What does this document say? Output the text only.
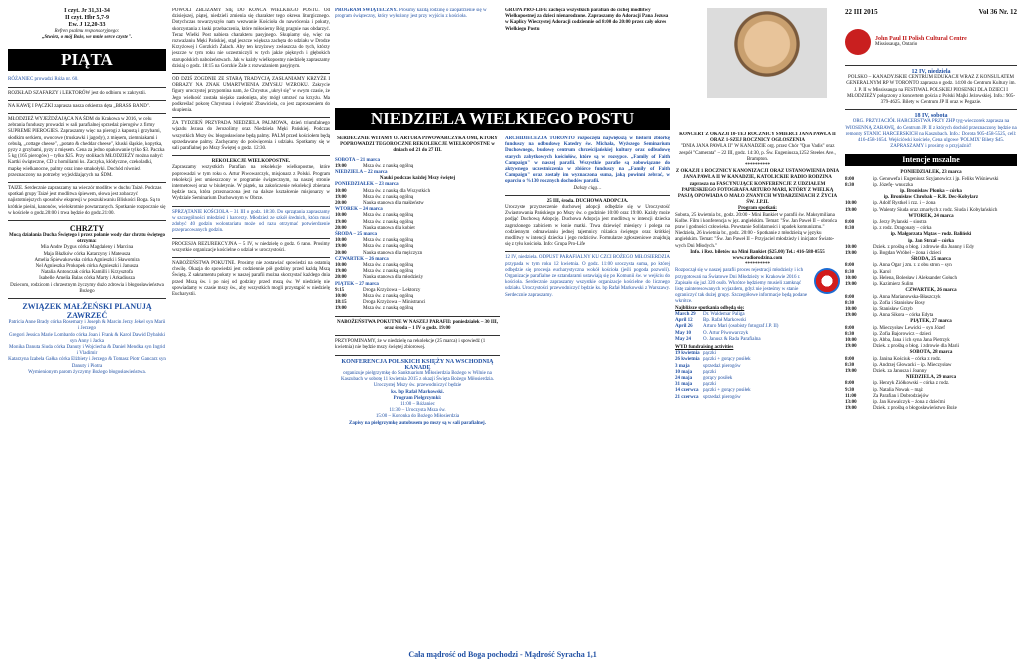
I czyt. Jr 31,31-34
II czyt. Hbr 5,7-9
Ew. J 12,20-33
Refren psalmu responsoryjnego:
„Stwórz, o mój Boże, we mnie serce czyste".
PIĄTA
RÓŻANIEC prowadzi Róża nr. 60.
ROZKŁAD SZAFARZY i LEKTORÓW jest do odbioru w zakrystii.
NA KAWĘ I PĄCZKI zaprasza nasza orkiestra dęta „BRASS BAND".
MŁODZIEŻ WYJEŻDŻAJĄCA NA ŚDM do Krakowa w 2016, w celu zebrania funduszy prowadzi w sali parafialnej sprzedaż pierogów z firmy SUPREME PIEROGIES. Zapraszamy więc na pierogi z kapustą i grzybami, słodkim serkiem, owocowe (truskawki i jagody), z mięsem, ziemniakami i cebulą, „cottage cheese", „potato & cheddar cheese", kluski śląskie, kopytka, pyzy z grzybami, pyzy z mięsem. Cena za jedno opakowanie tylko $3. Paczka 5 kg (165 pierogów) – tylko $25. Przy stolikach MŁODZIEŻY można nabyć: Kartki świąteczne, CD z homiliami ks. Zaczyka, kłódyczne, czekoladki, mapkę wielkanocne, palmy oraz inne smakołyki. Dochód również przeznaczony na potrzeby wyjeżdżających na ŚDM.
TAIZE. Serdecznie zapraszamy na wieczór modlitw w duchu Taizé. Podczas spotkań grupy Taizé jest modlitwa śpiewem, słowa jest zobaczyć najistotniejszych sposobów ekspresji w poszukiwaniu Bliskości Boga. Są to krótkie pieśni, kanonów, wielokrotnie powtarzanych. Spotkanie rozpocznie się w kościele o godz.20:00 i trwa będzie do godz.21:00.
CHRZTY
Mocą działania Ducha Świętego i przez połanie wody dar chrztu świętego otrzyma:
Mia Andre Dygus córka Magdaleny i Marcina
Maja Błażków córka Katarzyny i Mateusza
Amelia Śpiewakowska córka Agnieszki i Sławomira
Nel Agnieszka Prokopek córka Agnieszki i Janusza
Natalia Antonczak córka Kamilli i Krzysztofa
Isabelle Amelia Balas córka Marty i Arkadiusza
Dziecom, rodzicom i chrzestnym życzymy dużo zdrowia i błogosławieństwa Bożego
ZWIĄZEK MAŁŻEŃSKI PLANUJĄ ZAWRZEĆ
Patricia Anne Brady córka Rosemary i Joseph & Marcin Jerzy Jekel syn Marii i Jerzego
Gregori Jessica Marie Lombardo córka Joan i Frank & Karol Dawid Dybalski syn Anny i Jacka
Monika Danuta Siuda córka Danuty i Wojciecha & Daniel Mendka syn Ingrid i Vladimir
Katarzyna Izabela Gałka córka Elżbiety i Jerzego & Tomasz Piotr Gancarz syn Danuty i Piotra
Wymienionym parom życzymy Bożego błogosławieństwa.
POWOLI ZBLIŻAMY SIĘ DO KOŃCA WIELKIEGO POSTU. Od dzisiejszej, piątej, niedzieli zmienia się charakter tego okresu liturgicznego. Dotychczas towarzyszyło nam wezwanie Kościoła do nawrócenia i pokuty, skorzystania z łaski przebaczenia, które miłosierny Bóg pragnie nas obdarzyć. Teraz Wielki Post nabiera charakteru pasyjnego. Skupiamy się, więc na rozważaniu Męki Pańskiej, stąd jeszcze większa zachęta do udziału w Drodze Krzyżowej i Gorzkich Żalach. Aby ten krzyżowy zwłaszcza do tych, którzy jeszcze w tym roku nie uczestniczyli w tych jakże pięknych i głębokich starupolskich nabożeństwach. Jak w każdy wielkopostny niedzielę zapraszamy dzisiaj o godz. 18:15 na Gorzkie Żale z rozważaniem pasyjnym.
OD DZIŚ ZOGDNIE ZE STARĄ TRADYCJĄ ZASŁANIAMY KRZYŻE I OBRAZY NA ZNAK UMARTWIENIA ZMYSŁU WZROKU. Zakrycie figury uroczystej przypomina nam, że Chrystus „ukrył się" w swym czasie, że Jego wielkość została niejako zasłonięta, aby mógł umrzeć na krzyżu. Ma podkreślać pokorę Chrystusa i świętość Zbawiciela, co jest zaproszeniem do skupienia.
ZA TYDZIEŃ PRZYPADA NIEDZIELA PALMOWA, dzień triumfalnego wjazdu Jezusa do Jerozolimy oraz Niedziela Męki Pańskiej. Podczas wszystkich Mszy św. błogosławione będą palmy. PALM przed kościołem będą sprzedawane palmy. Zachęcamy do poświęcenia i udziału. Spotkamy się w sali parafialnej po Mszy Świętej o godz. 12:30.
REKOLEKCJE WIELKOPOSTNE.
Zapraszamy wszystkich Parafian na rekolekcje wielkopostne, które poprowadzi w tym roku o. Artur Piwowarczyk, misjonarz z Polski. Program rekolekcji jest umieszczony w programie świątecznym, na naszej stronie internetowej oraz w biuletynie. W piątek, na zakończenie rekolekcji zbierana będzie taca, która przeznaczona jest na dalsze kształcenie misjonarzy w Wydziale Seminarium Duchownym w Obrze.
SPRZĄTANIE KOŚCIOŁA – 31 III o godz. 18:30. Do sprzątania zapraszamy w szczególności młodzież i harcerzy. Młodzież ze szkół średnich, która musi zdobyć 40 godzin wolontariatu może od razu otrzymać potwierdzenie przepracowanych godzin.
PROCESJA REZUREKCYJNA – 5 IV, w niedzielę o godz. 6 rano. Prosimy wszystkie organizacje kościelne o udział w uroczystości.
NABOŻEŃSTWA POKUTNE. Prosimy nie zostawiać spowiedzi na ostatnią chwilę. Okazja do spowiedzi jest codziennie pół godziny przed każdą Mszą Świętą. Z sakramentu pokuty w naszej parafii można skorzystać każdego dnia przed Mszą św. i po niej od godziny przed mszą św. W niedzielę nie spowiadamy w czasie mszy św., aby wszystkich mogli przystąpić w niedzielę Eucharystii.
PROGRAM ŚWIĄTECZNY. Prosimy każdą rodzinę o zaopatrzenie się w program świąteczny, który wyłożony jest przy wyjściu z kościoła.
NIEDZIELA WIELKIEGO POSTU
SERDECZNIE WITAMY O. ARTURA PIWOWARCZYKA OMI, KTÓRY POPROWADZI TEGOROCZNE REKOLEKCJE WIELKOPOSTNE w dniach od 21 do 27 III.
SOBOTA – 21 marca
19:00	Msza św. z nauką ogólną
NIEDZIELA – 22 marca
Nauki podczas każdej Mszy świętej
PONIEDZIAŁEK – 23 marca
10:00	Msza św. z nauką dla Wszystkich
19:00	Msza św. z nauką ogólną
20:00	Nauka stanowa dla małżeństw
WTOREK – 24 marca
10:00	Msza św. z nauką ogólną
19:00	Msza św. z nauką ogólną
20:00	Nauka stanowa dla kobiet
ŚRODA – 25 marca
10:00	Msza św. z nauką ogólną
19:00	Msza św. z nauką ogólną
20:00	Nauka stanowa dla mężczyzn
CZWARTEK – 26 marca
10:00	Msza św. z nauką ogólną
19:00	Msza św. z nauką ogólną
20:00	Nauka stanowa dla młodzieży
PIĄTEK – 27 marca
9:15	Droga Krzyżowa – Lektorzy
10:00	Msza św. z nauką ogólną
18:15	Droga Krzyżowa – Ministranci
19:00	Msza św. z nauką ogólną
NABOŻEŃSTWA POKUTNE W NASZEJ PARAFII: poniedziałek – 30 III, oraz środa – 1 IV o godz. 19:00
PRZYPOMINAMY, że w niedzielę na rekolekcje (25 marca) i spowiedź (1 kwietnia) nie będzie mszy świętej zbiorowej.
KONFERENCJA POLSKICH KSIĘŻY NA WSCHODNIĄ KANADĘ
organizuje pielgrzymkę do Sanktuarium Miłosierdzia Bożego w Wilnie na Kaszubach w sobotę 11 kwietnia 2015 z okazji Święta Bożego Miłosierdzia. Uroczystej Mszy św. przewodniczyć będzie
ks. bp Rafał Markowski.
Program Pielgrzymki:
11:00 – Różaniec
11:30 – Uroczysta Msza św.
15:00 – Koronka do Bożego Miłosierdzia
Zapisy na pielgrzymkę autobusem po mszy są w sali parafialnej.
GRUPA PRO-LIFE zachęca wszystkich parafian do cichej modlitwy Wielkopostnej za dzieci nienarodzone. Zapraszamy do Adoracji Pana Jezusa w Kaplicy Wieczystej Adoracji codziennie od 8:00 do 20:00 przez cały okres Wielkiego Postu
ARCHIDIECEZJA TORONTO rozpoczęła największą w historii zbiórkę funduszy na odbudowę Katedry św. Michała, Wyższego Seminarium Duchownego, budowę centrum chrześcijańskiej kultury oraz odbudowę starych zabytkowych kościołów, które są w rozsypce. „Family of Faith Campaign" w naszej parafii. Wszystkie parafie są zobowiązane do aktywnego uczestniczenia w zbiórce funduszy na „Family of Faith Campaign" oraz zostały im wyznaczona suma, jaką powinni zebrać, w oparciu o %130 rocznych dochodów parafii.
Dalszy ciąg…
25 III, środa. DUCHOWA ADOPCJA.
Uroczyste przyrzeczenie duchowej adopcji odbędzie się w Uroczystość Zwiastowania Pańskiego po Mszy św. o godzinie 10:00 oraz 19:00. Każdy może podjąć Duchową Adopcję. Duchowa Adopcja jest modlitwą w intencji dziecka zagrożonego zabiciem w łonie matki. Trwa dziewięć miesięcy i polega na codziennym odmawianiu jednej tajemnicy różańca świętego oraz krótkiej modlitwy w intencji dziecka i jego rodziców. Formularze zgłoszeniowe znajdują się z tyłu kościoła. Info: Grupa Pro-Life
12 IV, niedziela. ODPUST PARAFIALNY KU CZCI BOŻEGO MIŁOSIERDZIA przypada w tym roku 12 kwietnia. O godz. 11:00 uroczysta suma, po której odbędzie się procesja eucharystyczna wokół kościoła (jeśli pogoda pozwoli). Organizacje parafialne ze sztandarami ustawiają się po Komunii św. w wejściu do kościoła. Serdecznie zapraszamy wszystkie organizacje kościelne do licznego udziału. Uroczystości przewodniczyć będzie ks. bp Rafał Markowski z Warszawy. Serdecznie zapraszamy.
KONCERT Z OKAZJI 10-TEJ ROCZNICY ŚMIERCI JANA PAWŁA II ORAZ 1-SZEJ ROCZNICY OGŁOSZENIA
"DNIA JANA PAWŁA II" W KANADZIE org. przez Chór "Quo Vadis" oraz zespół "Camerata" – 22 III, godz. 14:30, p. Św. Eugeniusza,1252 Steeles Ave., Brampton.
**********
Z OKAZJI 1 ROCZNICY KANONIZACJI ORAZ USTANOWIENIA DNIA JANA PAWŁA II W KANADZIE, KATOLICKIE RADIO RODZINA zaprasza na FASCYNUJĄCE KONFERENCJE Z UDZIAŁEM PAPIESKIEGO FOTOGRAFA ARTURO MARI, KTÓRY Z WIELKĄ PASJĄ OPOWIADA O MAŁO ZNANYCH WYDARZENIACH Z ŻYCIA ŚW. J.P.II.
Program spotkań:
Sobota, 25 kwietnia br., godz. 20:00 - Mini Bankiet w parafii św. Maksymiliana Kolbe. Film i konferencja w jęz. angielskim. Temat: "Św. Jan Paweł II – obrońca praw i godności człowieka. Powstanie Solidarności i upadek komunizmu."
Niedziela, 26 kwietnia br., godz. 20:00 - Spotkanie z młodzieżą w języku angielskim. Temat: "Św. Jan Paweł II – Przyjaciel młodzieży i inicjator Świato-wych Dni Młodych."
Info. i Rez. biletów na Mini Bankiet ($25.00) Tel.: 416-588-0555 www.radiorodzina.com
**********
Rozpoczął się w naszej parafii proces rejestracji młodzieży i ich przygotowań na Światowe Dni Młodzieży w Krakowie 2016 r. Zapisało się już 320 osób. Wkrótce będziemy musieli zamknąć listę zainteresowanych wyjazdem, gdyż nie jesteśmy w stanie ograniczyć tak dużej grupy. Szczegółowe informacje będą podane wkrótce.
Najbliższe spotkania odbędą się:
March 29	Dr. Waldemar Paliga
April 12	Bp. Rafał Markowski
April 26	Arturo Mari (osobisty fotograf J.P. II)
May 10	O. Artur Piwowarczyk
May 24	O. Janusz & Rada Parafialna
WYD fundraising activities
19 kwietnia pączki
26 kwietnia pączki + gorący posiłek
3 maja	sprzedaż pierogów
10 maja	pączki
24 maja	gorący posiłek
31 maja	pączki
14 czerwca pączki + gorący posiłek
21 czerwca sprzedaż pierogów
22 III 2015	Vol 36 Nr. 12
John Paul II Polish Cultural Centre
Mississauga, Ontario
12 IV, niedziela
POLSKO – KANADYJSKIE CENTRUM EDUKACJI WRAZ Z KONSULATEM GENERALNYM RP W TORONTO zaprasza o godz. 14:00 do Centrum Kultury im. J. P. II w Mississauga na FESTIWAL POLSKIEJ PIOSENKI DLA DZIECI I MŁODZIEŻY połączony z koncertem gościa z Polski Majki Jeżowskiej. Info.: 905-379-4625. Bilety w Centrum JP II oraz w Pegazie.
18 IV, sobota
ORG. PRZYJACIÓŁ HARCERSTWA PRZY ZHP tyg-wieczorek zaprasza na WIOSENNĄ ZABAWĘ, do Centrum JP. II z których dochód przeznaczony będzie na remonty STANIC HARCERSKICH na Kaszubach. Info.: Dorota 905-458-5525, cell: 416-458-1654. Wejściówki kościele, Cena ulgowe 'POLMIX' Bilety $45. ZAPRASZAMY i prosimy o przyjaźnić!
Intencje mszalne
PONIEDZIAŁEK, 23 marca
8:00	ip. Genowefa i Eugeniusz Szyjanowicz i jp. Feliks Wiśniewski
8:30	ip. Józefę- wnuczka
ip. Bronisław Płonka – córka
ip. Bronisław Chrobak – R.R. Dec-Kobylarz
10:00	ip. Adolf Rystkel i rzz. i – żona
19:00	ip. Walenty Siuda oraz zmarłych z rodz. Siuda i Kobylańskich
WTOREK, 24 marca
8:00	ip. Jerzy Pylanski – siostra
8:30	ip. z rodz. Dragonaty – córka
ip. Małgorzata Mątas – rodz. Baliński
ip. Jan Strzał – córka
10:00	Dziek. z prośbą o błog. i zdrowie dla Joanny i Edy
19:00	ip. Bogdan Wróbel – żona i dzieci
ŚRODA, 25 marca
8:00	ip. Anna Ogar j zm. r. z obu stron – syn
8:30	ip. Karol
10:00	ip. Helena, Bolesław i Aleksander Gołuch
19:00	ip. Kazimierz Sulim
CZWARTEK, 26 marca
8:00	ip. Anna Marianowska-Błaszczyk
8:30	ip. Zofia i Stanisław Bosy
10:00	ip. Stanisław Grzyb
19:00	ip. Anna Sikora – córka Edyta
PIĄTEK, 27 marca
8:00	ip. Mieczysław Lewicki – syn Józef
8:30	ip. Zofia Bajorowicz – dzieci
10:00	ip. Abba, Jana i ich syna Jana Pietrzyk
19:00	Dziek. z prośbą o błog. i zdrowie dla Marii
SOBOTA, 28 marca
8:00	ip. Janina Kościuk – córka z rodz.
8:30	ip. Andrzej Głowacki – ip. Mieczysław
19:00	Dziek. za Janusza i Joanny
NIEDZIELA, 29 marca
8:00	ip. Henryk Ziółkowski – córka z rodz.
9:30	ip. Natalia Nowak – mąż
11:00	Za Parafian i Dobrodziejów
13:00	ip. Jan Kowalczyk – żona z dziećmi
19:00	Dziek. z prośbą o błogosławieństwo Boże
Cała mądrość od Boga pochodzi - Mądrość Syracha 1,1
